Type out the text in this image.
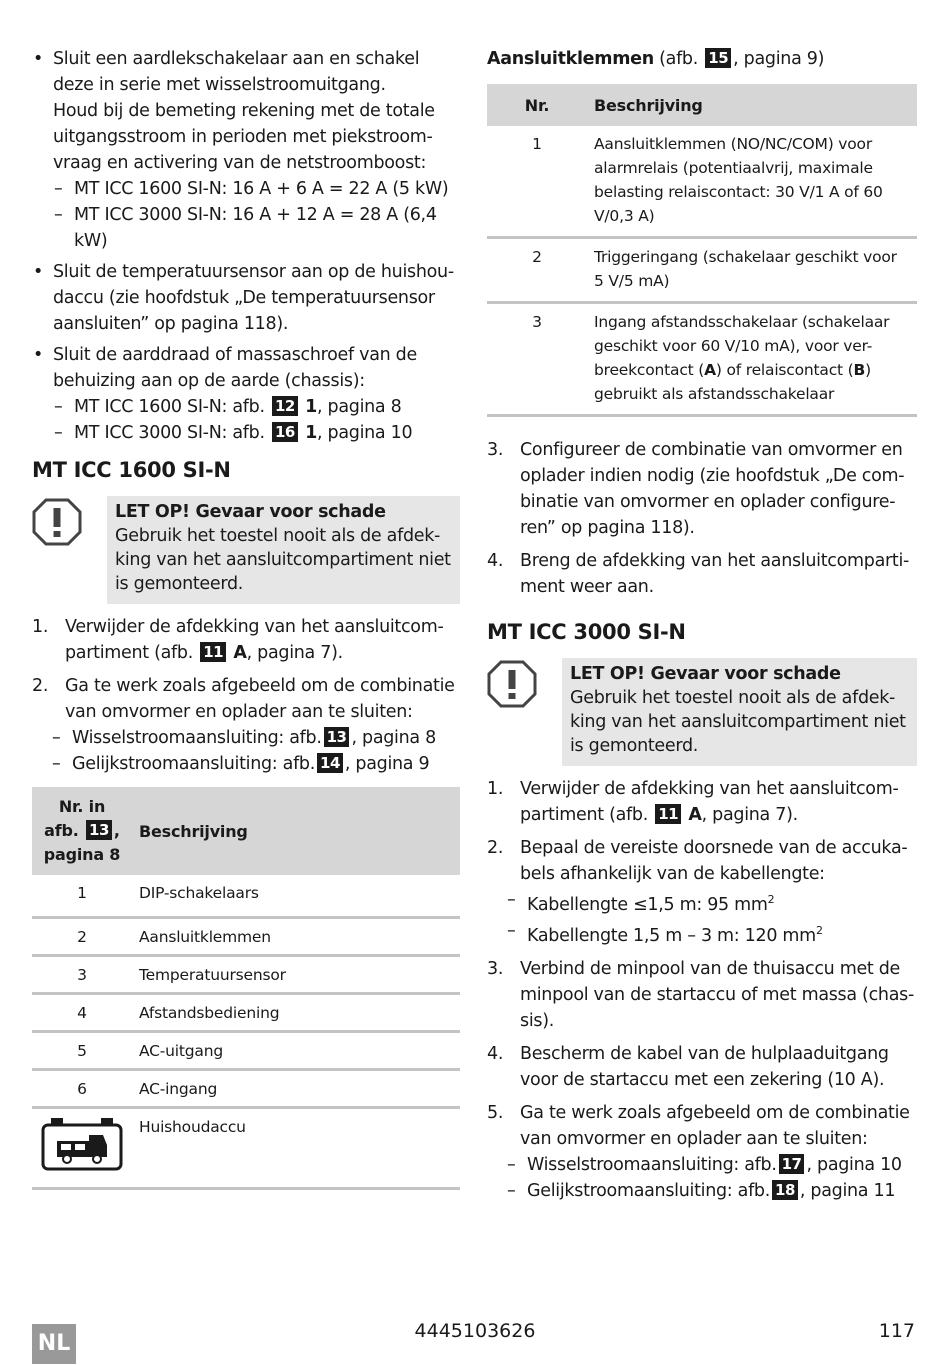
• Sluit een aardlekschakelaar aan en schakel deze in serie met wisselstroomuitgang.
Houd bij de bemeting rekening met de totale uitgangsstroom in perioden met piekstroom-vraag en activering van de netstroomboost:
– MT ICC 1600 SI-N: 16 A + 6 A = 22 A (5 kW)
– MT ICC 3000 SI-N: 16 A + 12 A = 28 A (6,4 kW)
• Sluit de temperatuursensor aan op de huishou-daccu (zie hoofdstuk „De temperatuursensor aansluiten” op pagina 118).
• Sluit de aarddraad of massaschroef van de behuizing aan op de aarde (chassis):
– MT ICC 1600 SI-N: afb. 12 1, pagina 8
– MT ICC 3000 SI-N: afb. 16 1, pagina 10
MT ICC 1600 SI-N
LET OP! Gevaar voor schade
Gebruik het toestel nooit als de afdek-king van het aansluitcompartiment niet is gemonteerd.
1. Verwijder de afdekking van het aansluitcom-partiment (afb. 11 A, pagina 7).
2. Ga te werk zoals afgebeeld om de combinatie van omvormer en oplader aan te sluiten:
– Wisselstroomaansluiting: afb. 13 , pagina 8
– Gelijkstroomaansluiting: afb. 14 , pagina 9
Nr. in
afb. 13 ,
pagina 8	Beschrijving
1	DIP-schakelaars
2	Aansluitklemmen
3	Temperatuursensor
4	Afstandsbediening
5	AC-uitgang
6	AC-ingang
	Huishoudaccu
Aansluitklemmen (afb. 15 , pagina 9)
Nr.	Beschrijving
1	Aansluitklemmen (NO/NC/COM) voor alarmrelais (potentiaalvrij, maximale belasting relaiscontact: 30 V/1 A of 60 V/0,3 A)
2	Triggeringang (schakelaar geschikt voor 5 V/5 mA)
3	Ingang afstandsschakelaar (schakelaar geschikt voor 60 V/10 mA), voor ver-breekcontact (A) of relaiscontact (B) gebruikt als afstandsschakelaar
3. Configureer de combinatie van omvormer en oplader indien nodig (zie hoofdstuk „De com-binatie van omvormer en oplader configure-ren” op pagina 118).
4. Breng de afdekking van het aansluitcomparti-ment weer aan.
MT ICC 3000 SI-N
LET OP! Gevaar voor schade
Gebruik het toestel nooit als de afdek-king van het aansluitcompartiment niet is gemonteerd.
1. Verwijder de afdekking van het aansluitcom-partiment (afb. 11 A, pagina 7).
2. Bepaal de vereiste doorsnede van de accuka-bels afhankelijk van de kabellengte:
– Kabellengte ≤1,5 m: 95 $mm^2$
– Kabellengte 1,5 m – 3 m: 120 $mm^2$
3. Verbind de minpool van de thuisaccu met de minpool van de startaccu of met massa (chas-sis).
4. Bescherm de kabel van de hulplaaduitgang voor de startaccu met een zekering (10 A).
5. Ga te werk zoals afgebeeld om de combinatie van omvormer en oplader aan te sluiten:
– Wisselstroomaansluiting: afb. 17 , pagina 10
– Gelijkstroomaansluiting: afb. 18 , pagina 11
NL	4445103626	117
